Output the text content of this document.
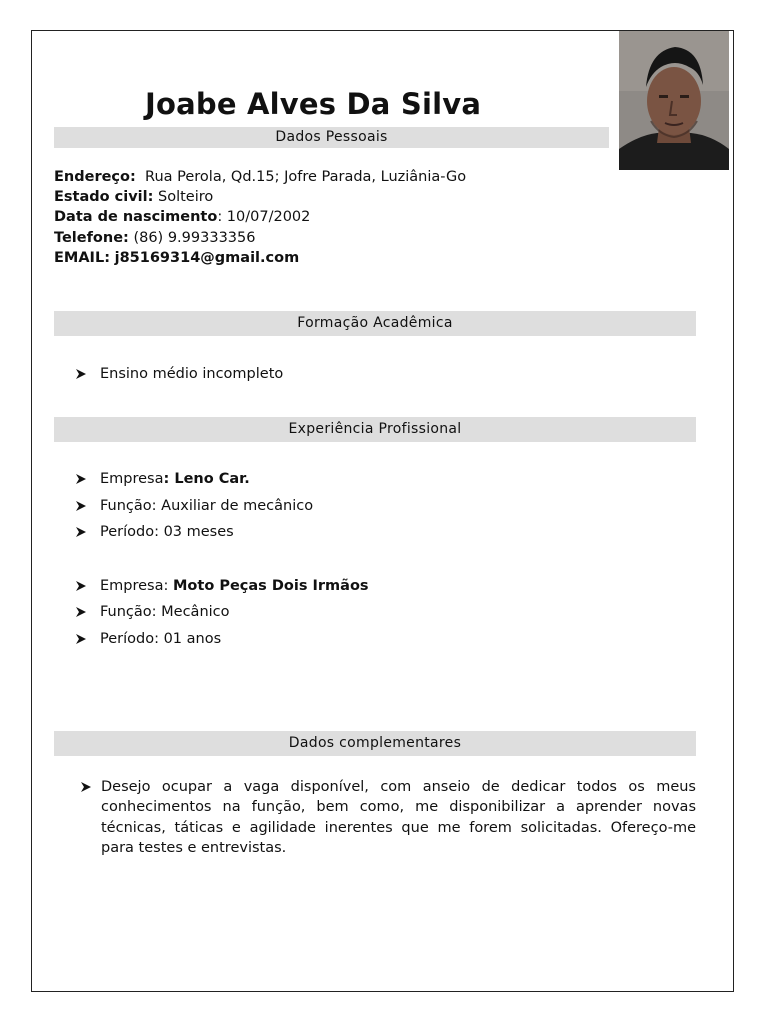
Joabe Alves Da Silva
Dados Pessoais
Endereço: Rua Perola, Qd.15; Jofre Parada, Luziânia-Go
Estado civil: Solteiro
Data de nascimento: 10/07/2002
Telefone: (86) 9.99333356
EMAIL: j85169314@gmail.com
Formação Acadêmica
Ensino médio incompleto
Experiência Profissional
Empresa: Leno Car.
Função: Auxiliar de mecânico
Período: 03 meses
Empresa: Moto Peças Dois Irmãos
Função: Mecânico
Período: 01 anos
Dados complementares
Desejo ocupar a vaga disponível, com anseio de dedicar todos os meus conhecimentos na função, bem como, me disponibilizar a aprender novas técnicas, táticas e agilidade inerentes que me forem solicitadas. Ofereço-me para testes e entrevistas.
